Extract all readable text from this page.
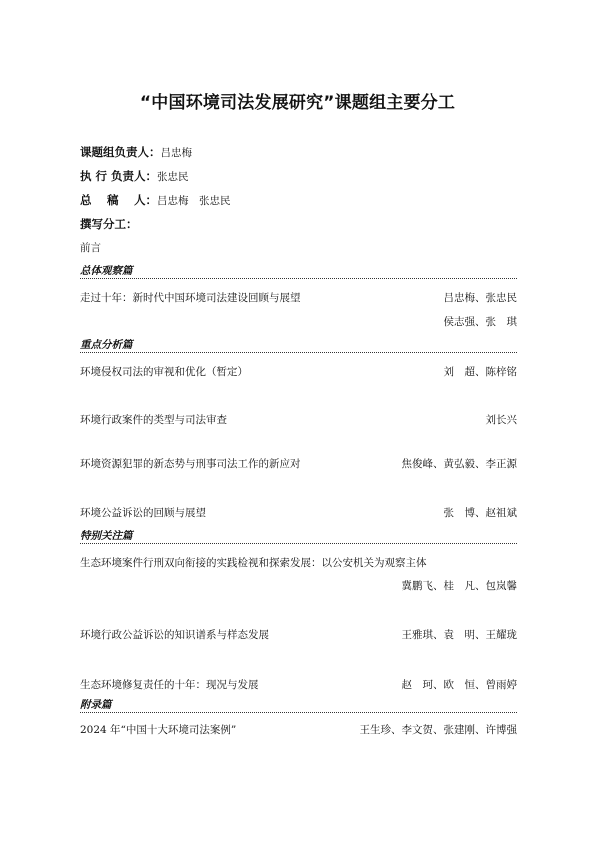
“中国环境司法发展研究”课题组主要分工
课题组负责人：吕忠梅
执 行 负责人：张忠民
总　 稿　 人：吕忠梅　张忠民
撰写分工：
前言
总体观察篇
走过十年：新时代中国环境司法建设回顾与展望	吕忠梅、张忠民
侯志强、张　琪
重点分析篇
环境侵权司法的审视和优化（暂定）	刘　超、陈梓铭
环境行政案件的类型与司法审查	刘长兴
环境资源犯罪的新态势与刑事司法工作的新应对	焦俊峰、黄弘毅、李正源
环境公益诉讼的回顾与展望	张　博、赵祖斌
特别关注篇
生态环境案件行刑双向衔接的实践检视和探索发展：以公安机关为观察主体
冀鹏飞、桂　凡、包岚馨
环境行政公益诉讼的知识谱系与样态发展	王雅琪、袁　明、王耀珑
生态环境修复责任的十年：现况与发展	赵　珂、欧　恒、曾雨婷
附录篇
2024 年“中国十大环境司法案例”	王生珍、李文贺、张建刚、许博强
